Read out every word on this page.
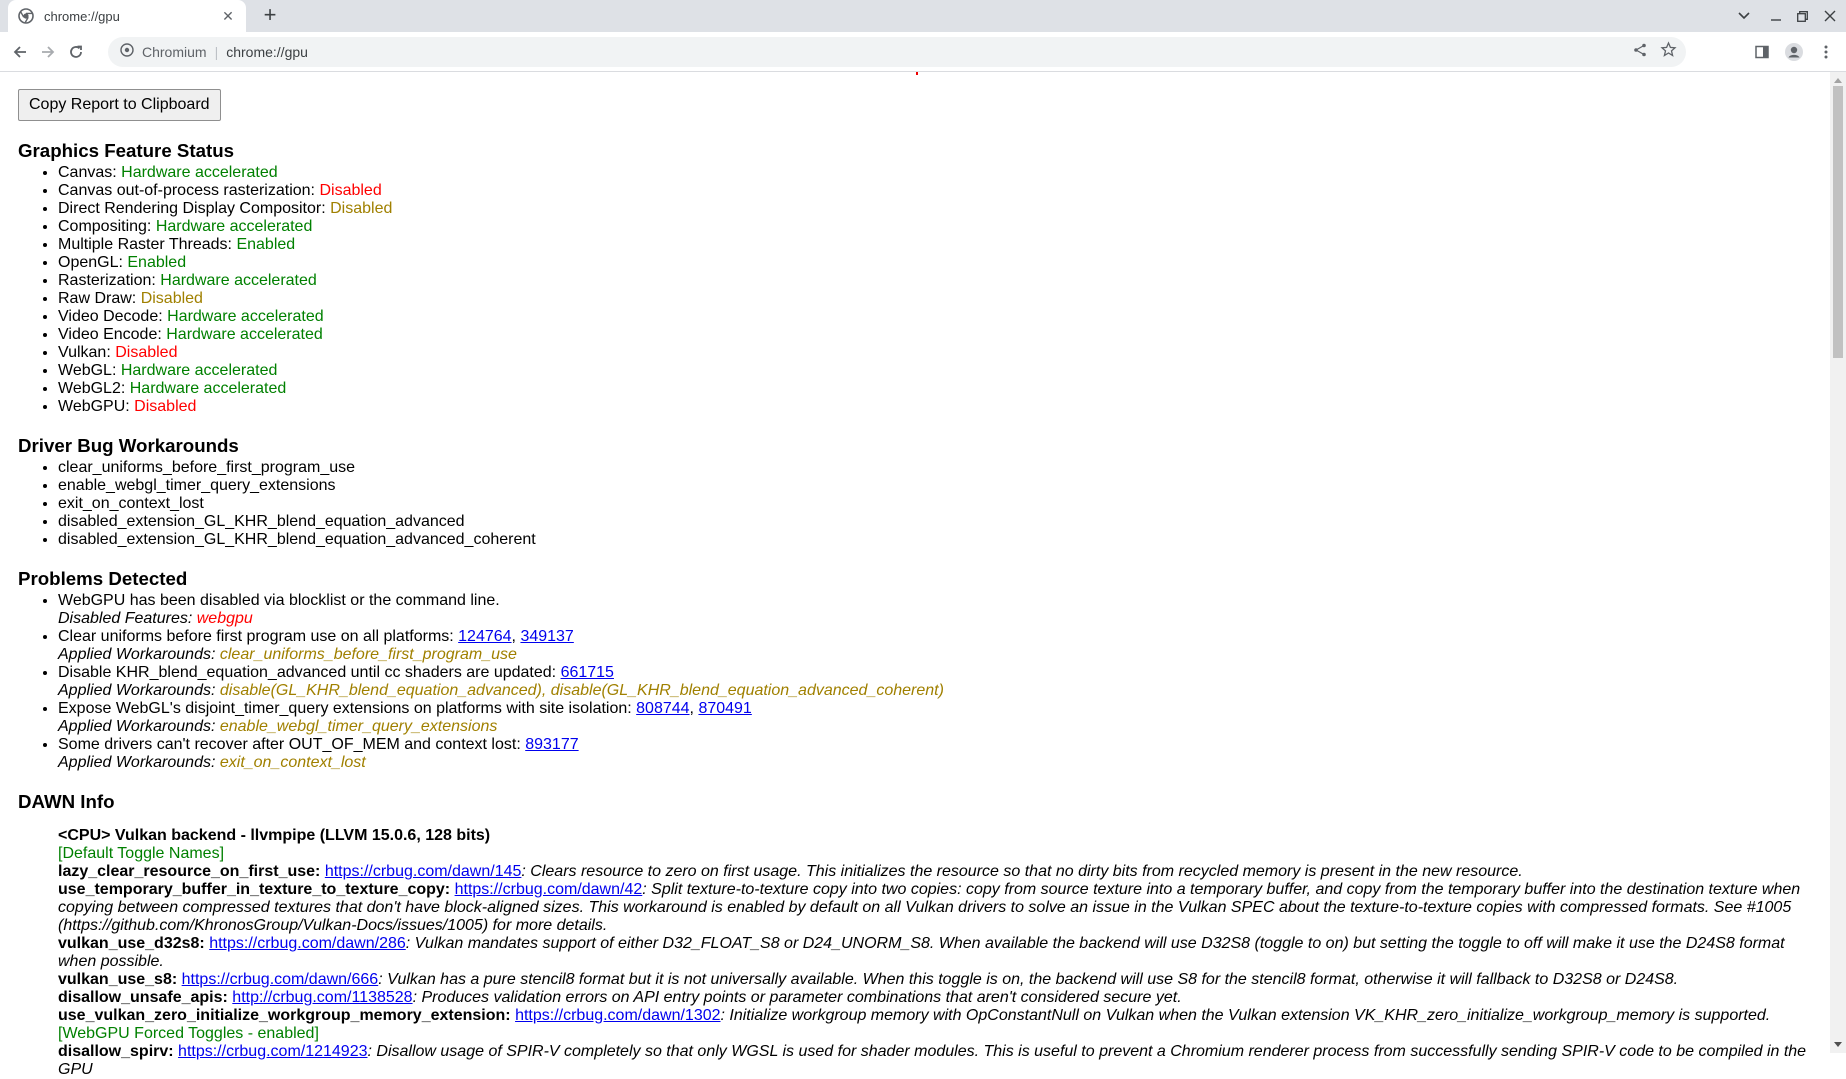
chrome://gpu	✕ +
Chromium | chrome://gpu
Copy Report to Clipboard
Graphics Feature Status
• Canvas: Hardware accelerated
• Canvas out-of-process rasterization: Disabled
• Direct Rendering Display Compositor: Disabled
• Compositing: Hardware accelerated
• Multiple Raster Threads: Enabled
• OpenGL: Enabled
• Rasterization: Hardware accelerated
• Raw Draw: Disabled
• Video Decode: Hardware accelerated
• Video Encode: Hardware accelerated
• Vulkan: Disabled
• WebGL: Hardware accelerated
• WebGL2: Hardware accelerated
• WebGPU: Disabled
Driver Bug Workarounds
• clear_uniforms_before_first_program_use
• enable_webgl_timer_query_extensions
• exit_on_context_lost
• disabled_extension_GL_KHR_blend_equation_advanced
• disabled_extension_GL_KHR_blend_equation_advanced_coherent
Problems Detected
• WebGPU has been disabled via blocklist or the command line.
Disabled Features: webgpu
• Clear uniforms before first program use on all platforms: 124764, 349137
Applied Workarounds: clear_uniforms_before_first_program_use
• Disable KHR_blend_equation_advanced until cc shaders are updated: 661715
Applied Workarounds: disable(GL_KHR_blend_equation_advanced), disable(GL_KHR_blend_equation_advanced_coherent)
• Expose WebGL's disjoint_timer_query extensions on platforms with site isolation: 808744, 870491
Applied Workarounds: enable_webgl_timer_query_extensions
• Some drivers can't recover after OUT_OF_MEM and context lost: 893177
Applied Workarounds: exit_on_context_lost
DAWN Info
<CPU> Vulkan backend - llvmpipe (LLVM 15.0.6, 128 bits)
[Default Toggle Names]
lazy_clear_resource_on_first_use: https://crbug.com/dawn/145: Clears resource to zero on first usage. This initializes the resource so that no dirty bits from recycled memory is present in the new resource.
use_temporary_buffer_in_texture_to_texture_copy: https://crbug.com/dawn/42: Split texture-to-texture copy into two copies: copy from source texture into a temporary buffer, and copy from the temporary buffer into the destination texture when copying between compressed textures that don't have block-aligned sizes. This workaround is enabled by default on all Vulkan drivers to solve an issue in the Vulkan SPEC about the texture-to-texture copies with compressed formats. See #1005 (https://github.com/KhronosGroup/Vulkan-Docs/issues/1005) for more details.
vulkan_use_d32s8: https://crbug.com/dawn/286: Vulkan mandates support of either D32_FLOAT_S8 or D24_UNORM_S8. When available the backend will use D32S8 (toggle to on) but setting the toggle to off will make it use the D24S8 format when possible.
vulkan_use_s8: https://crbug.com/dawn/666: Vulkan has a pure stencil8 format but it is not universally available. When this toggle is on, the backend will use S8 for the stencil8 format, otherwise it will fallback to D32S8 or D24S8.
disallow_unsafe_apis: http://crbug.com/1138528: Produces validation errors on API entry points or parameter combinations that aren't considered secure yet.
use_vulkan_zero_initialize_workgroup_memory_extension: https://crbug.com/dawn/1302: Initialize workgroup memory with OpConstantNull on Vulkan when the Vulkan extension VK_KHR_zero_initialize_workgroup_memory is supported.
[WebGPU Forced Toggles - enabled]
disallow_spirv: https://crbug.com/1214923: Disallow usage of SPIR-V completely so that only WGSL is used for shader modules. This is useful to prevent a Chromium renderer process from successfully sending SPIR-V code to be compiled in the GPU
